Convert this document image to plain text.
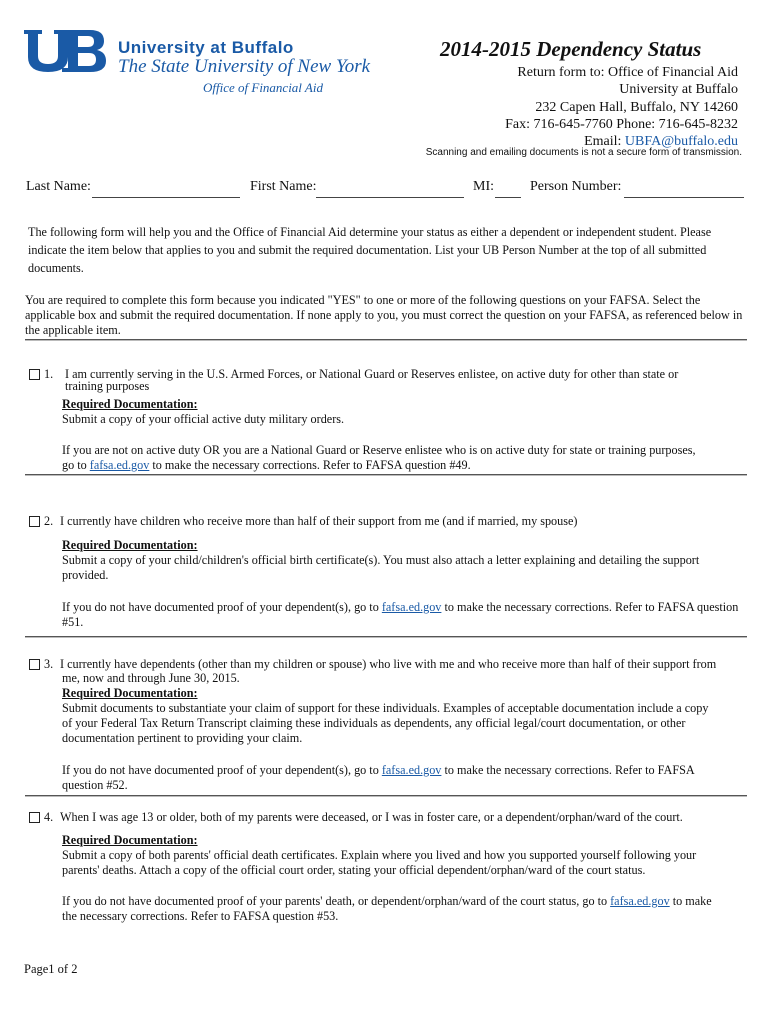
University at Buffalo
The State University of New York
Office of Financial Aid
2014-2015 Dependency Status
Return form to: Office of Financial Aid
University at Buffalo
232 Capen Hall, Buffalo, NY 14260
Fax: 716-645-7760 Phone: 716-645-8232
Email: UBFA@buffalo.edu
Scanning and emailing documents is not a secure form of transmission.
Last Name:	First Name:	MI:	Person Number:
The following form will help you and the Office of Financial Aid determine your status as either a dependent or independent student. Please indicate the item below that applies to you and submit the required documentation. List your UB Person Number at the top of all submitted documents.
You are required to complete this form because you indicated "YES" to one or more of the following questions on your FAFSA. Select the applicable box and submit the required documentation. If none apply to you, you must correct the question on your FAFSA, as referenced below in the applicable item.
1. I am currently serving in the U.S. Armed Forces, or National Guard or Reserves enlistee, on active duty for other than state or
training purposes
Required Documentation:
Submit a copy of your official active duty military orders.
If you are not on active duty OR you are a National Guard or Reserve enlistee who is on active duty for state or training purposes,
go to fafsa.ed.gov to make the necessary corrections. Refer to FAFSA question #49.
2. I currently have children who receive more than half of their support from me (and if married, my spouse)
Required Documentation:
Submit a copy of your child/children's official birth certificate(s). You must also attach a letter explaining and detailing the support provided.
If you do not have documented proof of your dependent(s), go to fafsa.ed.gov to make the necessary corrections. Refer to FAFSA question #51.
3. I currently have dependents (other than my children or spouse) who live with me and who receive more than half of their support from
me, now and through June 30, 2015.
Required Documentation:
Submit documents to substantiate your claim of support for these individuals. Examples of acceptable documentation include a copy of your Federal Tax Return Transcript claiming these individuals as dependents, any official legal/court documentation, or other documentation pertinent to providing your claim.
If you do not have documented proof of your dependent(s), go to fafsa.ed.gov to make the necessary corrections. Refer to FAFSA question #52.
4. When I was age 13 or older, both of my parents were deceased, or I was in foster care, or a dependent/orphan/ward of the court.
Required Documentation:
Submit a copy of both parents' official death certificates. Explain where you lived and how you supported yourself following your parents' deaths. Attach a copy of the official court order, stating your official dependent/orphan/ward of the court status.
If you do not have documented proof of your parents' death, or dependent/orphan/ward of the court status, go to fafsa.ed.gov to make the necessary corrections. Refer to FAFSA question #53.
Page1 of 2
